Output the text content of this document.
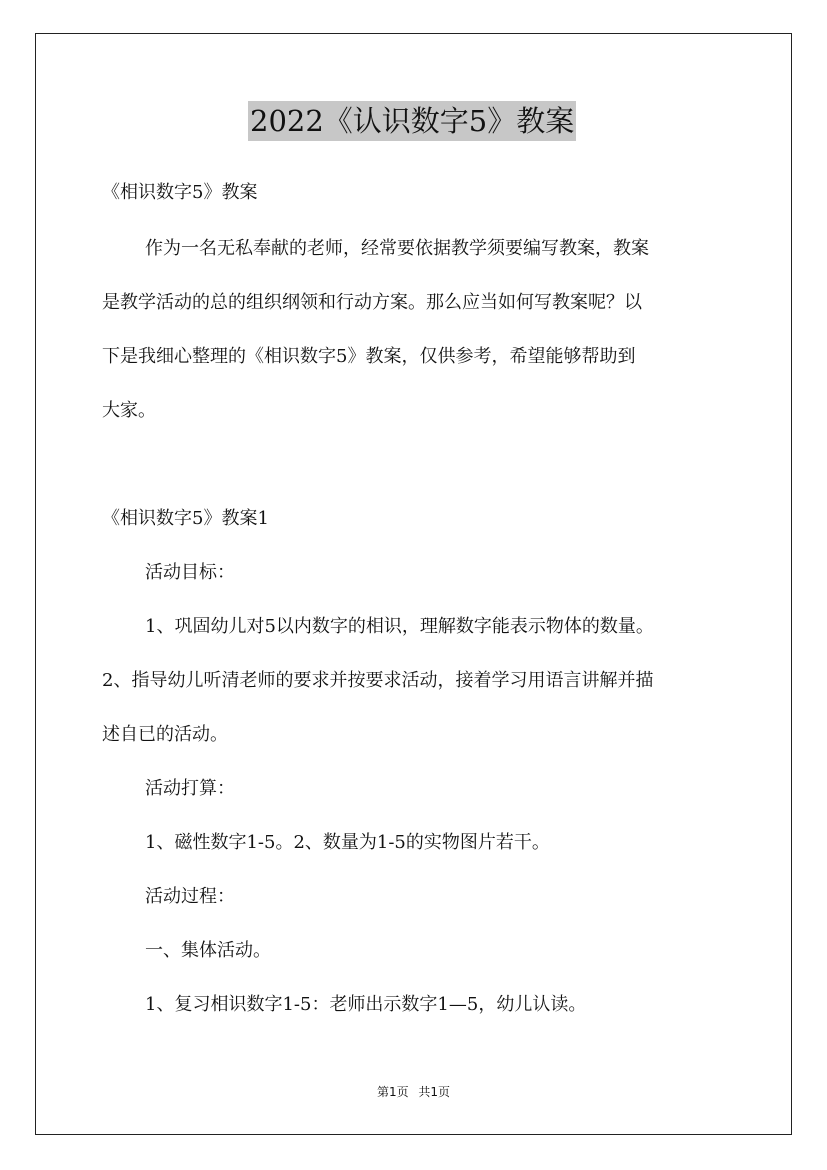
2022《认识数字5》教案
《相识数字5》教案
作为一名无私奉献的老师，经常要依据教学须要编写教案，教案
是教学活动的总的组织纲领和行动方案。那么应当如何写教案呢？以
下是我细心整理的《相识数字5》教案，仅供参考，希望能够帮助到
大家。
《相识数字5》教案1
活动目标：
1、巩固幼儿对5以内数字的相识，理解数字能表示物体的数量。
2、指导幼儿听清老师的要求并按要求活动，接着学习用语言讲解并描
述自已的活动。
活动打算：
1、磁性数字1-5。2、数量为1-5的实物图片若干。
活动过程：
一、集体活动。
1、复习相识数字1-5：老师出示数字1—5，幼儿认读。
第1页 共1页
